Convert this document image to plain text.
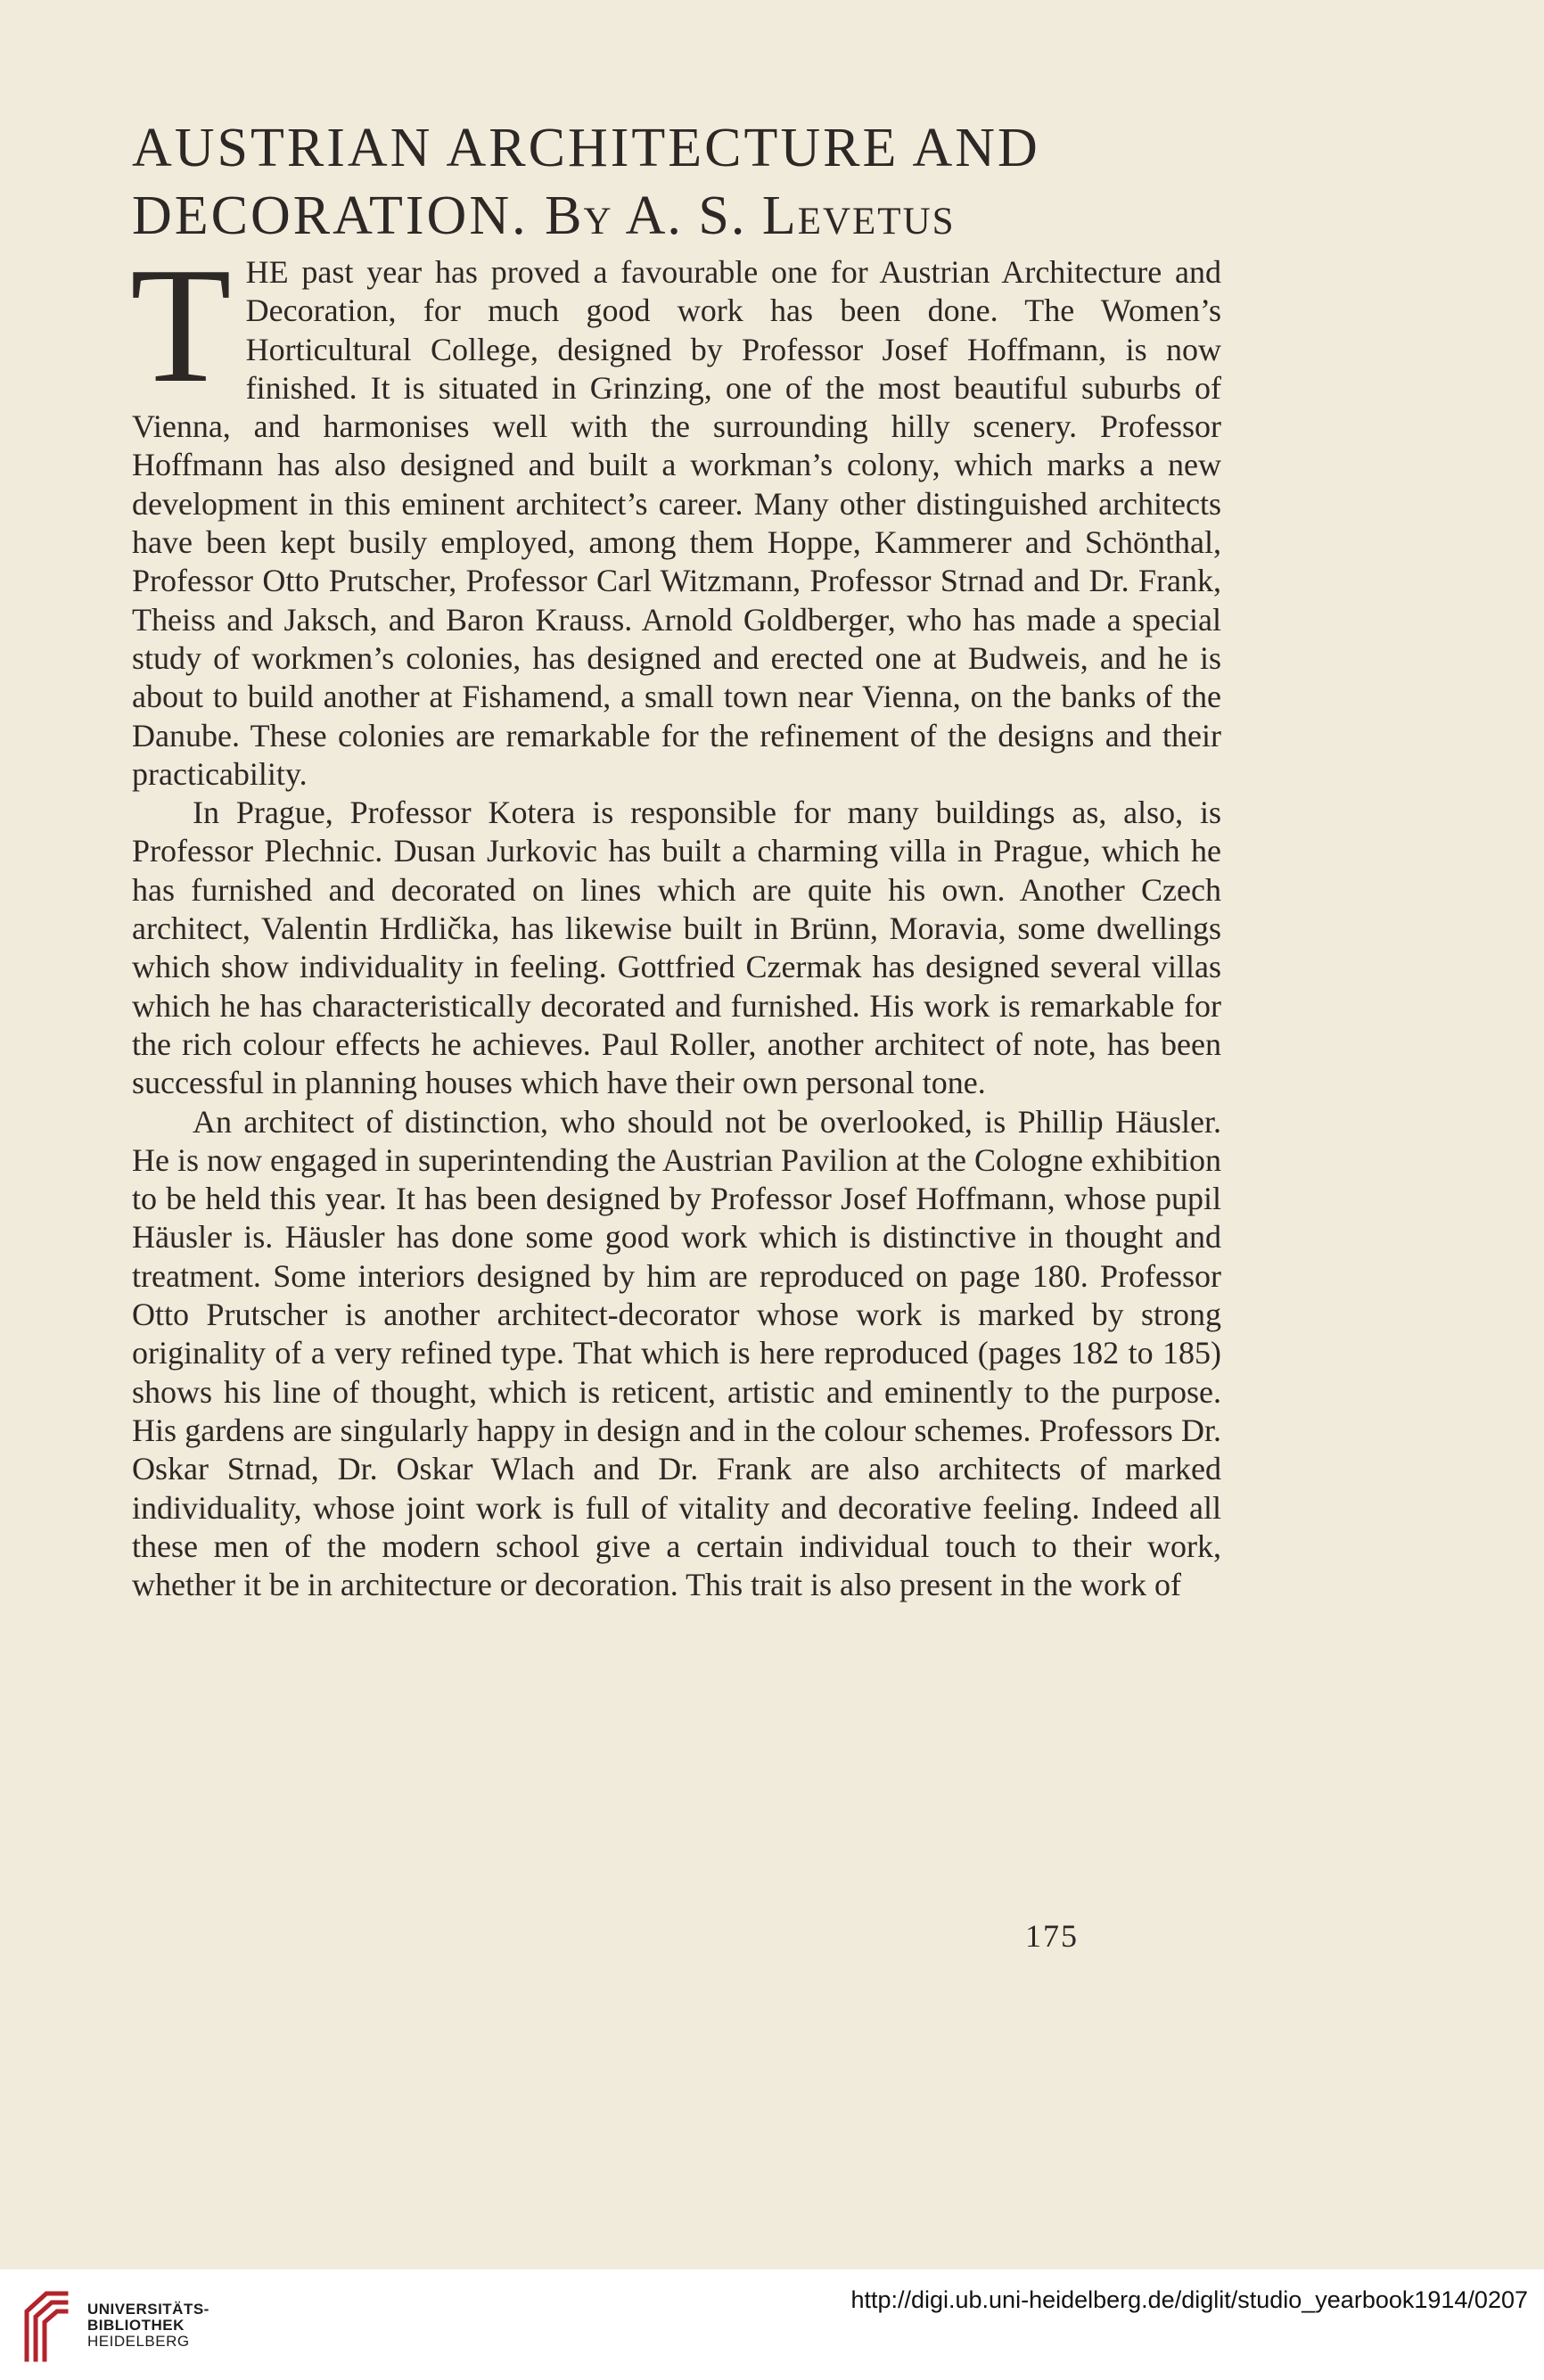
AUSTRIAN ARCHITECTURE AND
DECORATION. By A. S. Levetus

THE past year has proved a favourable one for Austrian Architecture and Decoration, for much good work has been done. The Women’s Horticultural College, designed by Professor Josef Hoffmann, is now finished. It is situated in Grinzing, one of the most beautiful suburbs of Vienna, and harmonises well with the surrounding hilly scenery. Professor Hoffmann has also designed and built a workman’s colony, which marks a new development in this eminent architect’s career. Many other distinguished architects have been kept busily employed, among them Hoppe, Kammerer and Schönthal, Professor Otto Prutscher, Professor Carl Witzmann, Professor Strnad and Dr. Frank, Theiss and Jaksch, and Baron Krauss. Arnold Goldberger, who has made a special study of workmen’s colonies, has designed and erected one at Budweis, and he is about to build another at Fishamend, a small town near Vienna, on the banks of the Danube. These colonies are remarkable for the refinement of the designs and their practicability.

In Prague, Professor Kotera is responsible for many buildings as, also, is Professor Plechnic. Dusan Jurkovic has built a charming villa in Prague, which he has furnished and decorated on lines which are quite his own. Another Czech architect, Valentin Hrdlička, has likewise built in Brünn, Moravia, some dwellings which show individuality in feeling. Gottfried Czermak has designed several villas which he has characteristically decorated and furnished. His work is remarkable for the rich colour effects he achieves. Paul Roller, another architect of note, has been successful in planning houses which have their own personal tone.

An architect of distinction, who should not be overlooked, is Phillip Häusler. He is now engaged in superintending the Austrian Pavilion at the Cologne exhibition to be held this year. It has been designed by Professor Josef Hoffmann, whose pupil Häusler is. Häusler has done some good work which is distinctive in thought and treatment. Some interiors designed by him are reproduced on page 180. Professor Otto Prutscher is another architect-decorator whose work is marked by strong originality of a very refined type. That which is here reproduced (pages 182 to 185) shows his line of thought, which is reticent, artistic and eminently to the purpose. His gardens are singularly happy in design and in the colour schemes. Professors Dr. Oskar Strnad, Dr. Oskar Wlach and Dr. Frank are also architects of marked individuality, whose joint work is full of vitality and decorative feeling. Indeed all these men of the modern school give a certain individual touch to their work, whether it be in architecture or decoration. This trait is also present in the work of

175
UNIVERSITÄTS-
BIBLIOTHEK
HEIDELBERG
http://digi.ub.uni-heidelberg.de/diglit/studio_yearbook1914/0207
